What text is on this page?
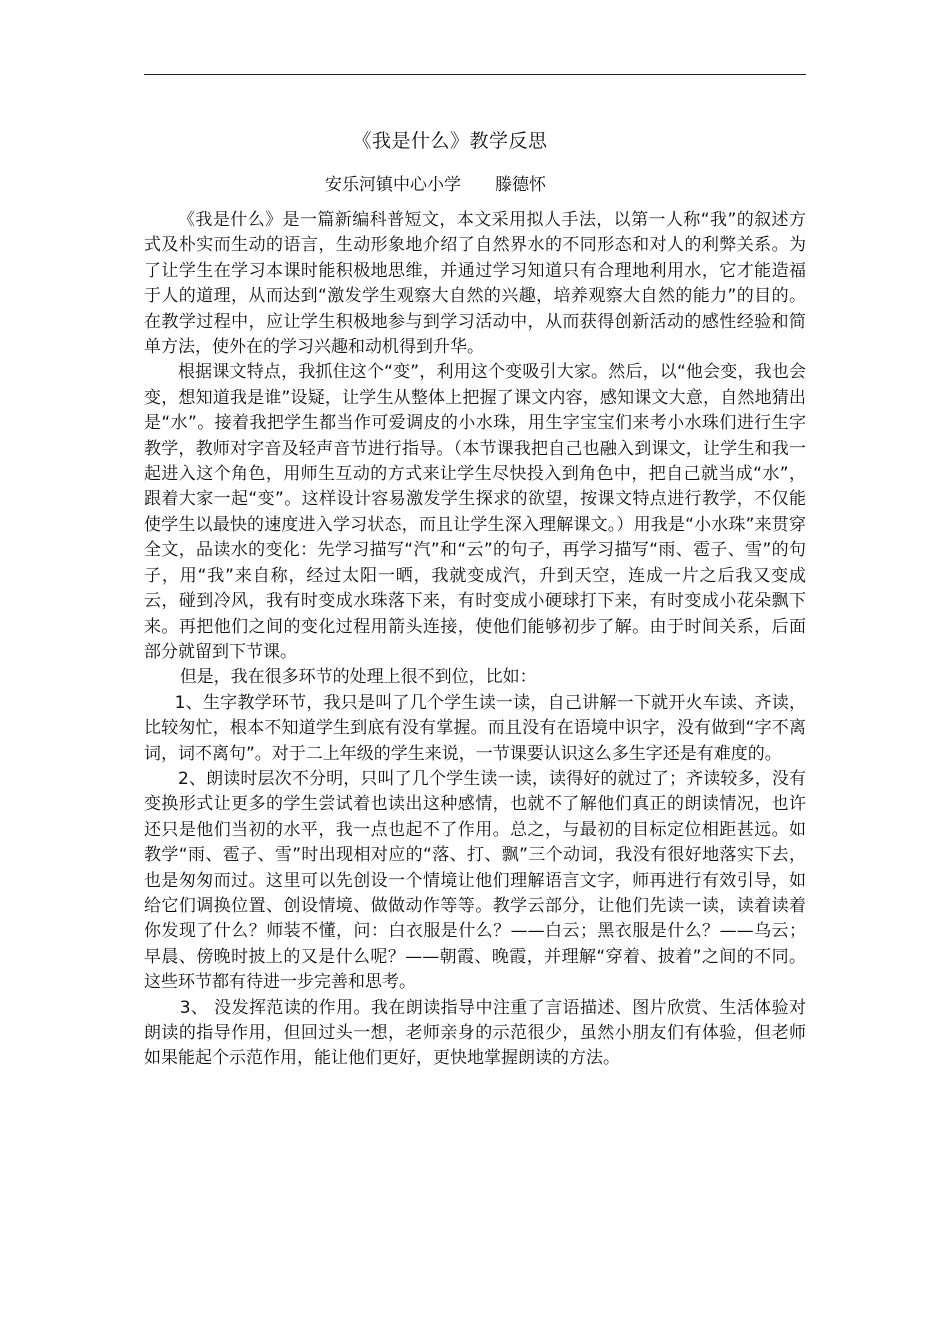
《我是什么》教学反思
安乐河镇中心小学　　滕德怀

《我是什么》是一篇新编科普短文，本文采用拟人手法，以第一人称“我”的叙述方式及朴实而生动的语言，生动形象地介绍了自然界水的不同形态和对人的利弊关系。为了让学生在学习本课时能积极地思维，并通过学习知道只有合理地利用水，它才能造福于人的道理，从而达到“激发学生观察大自然的兴趣，培养观察大自然的能力”的目的。在教学过程中，应让学生积极地参与到学习活动中，从而获得创新活动的感性经验和简单方法，使外在的学习兴趣和动机得到升华。

根据课文特点，我抓住这个“变”，利用这个变吸引大家。然后，以“他会变，我也会变，想知道我是谁”设疑，让学生从整体上把握了课文内容，感知课文大意，自然地猜出是“水”。接着我把学生都当作可爱调皮的小水珠，用生字宝宝们来考小水珠们进行生字教学，教师对字音及轻声音节进行指导。（本节课我把自己也融入到课文，让学生和我一起进入这个角色，用师生互动的方式来让学生尽快投入到角色中，把自己就当成“水”，跟着大家一起“变”。这样设计容易激发学生探求的欲望，按课文特点进行教学，不仅能使学生以最快的速度进入学习状态，而且让学生深入理解课文。）用我是“小水珠”来贯穿全文，品读水的变化：先学习描写“汽”和“云”的句子，再学习描写“雨、雹子、雪”的句子，用“我”来自称，经过太阳一晒，我就变成汽，升到天空，连成一片之后我又变成云，碰到冷风，我有时变成水珠落下来，有时变成小硬球打下来，有时变成小花朵飘下来。再把他们之间的变化过程用箭头连接，使他们能够初步了解。由于时间关系，后面部分就留到下节课。

但是，我在很多环节的处理上很不到位，比如：

1、生字教学环节，我只是叫了几个学生读一读，自己讲解一下就开火车读、齐读，比较匆忙，根本不知道学生到底有没有掌握。而且没有在语境中识字，没有做到“字不离词，词不离句”。对于二上年级的学生来说，一节课要认识这么多生字还是有难度的。

2、朗读时层次不分明，只叫了几个学生读一读，读得好的就过了；齐读较多，没有变换形式让更多的学生尝试着也读出这种感情，也就不了解他们真正的朗读情况，也许还只是他们当初的水平，我一点也起不了作用。总之，与最初的目标定位相距甚远。如教学“雨、雹子、雪”时出现相对应的“落、打、飘”三个动词，我没有很好地落实下去，也是匆匆而过。这里可以先创设一个情境让他们理解语言文字，师再进行有效引导，如给它们调换位置、创设情境、做做动作等等。教学云部分，让他们先读一读，读着读着你发现了什么？师装不懂，问：白衣服是什么？——白云；黑衣服是什么？——乌云；早晨、傍晚时披上的又是什么呢？——朝霞、晚霞，并理解“穿着、披着”之间的不同。这些环节都有待进一步完善和思考。

3、 没发挥范读的作用。我在朗读指导中注重了言语描述、图片欣赏、生活体验对朗读的指导作用，但回过头一想，老师亲身的示范很少，虽然小朋友们有体验，但老师如果能起个示范作用，能让他们更好，更快地掌握朗读的方法。
